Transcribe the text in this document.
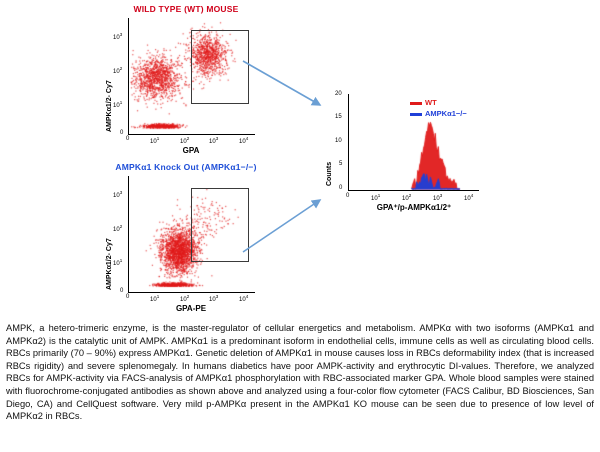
WILD TYPE (WT) MOUSE
AMPKα1/2- Cy7
0
$10^1$
$10^2$
$10^3$
0	$10^1$
$10^2$
$10^3$
$10^4$
GPA
AMPKα1 Knock Out (AMPKα1−/−)
AMPKα1/2- Cy7
0
$10^1$
$10^2$
$10^3$
0	$10^1$
$10^2$
$10^3$
$10^4$
GPA-PE
Counts
WT
AMPKα1−/−
20
15
10
5
0
0	$10^1$
$10^2$
$10^3$
$10^4$
GPA⁺/p-AMPKα1/2⁺
AMPK, a hetero-trimeric enzyme, is the master-regulator of cellular energetics and metabolism. AMPKα with two isoforms (AMPKα1 and AMPKα2) is the catalytic unit of AMPK. AMPKα1 is a predominant isoform in endothelial cells, immune cells as well as circulating blood cells. RBCs primarily (70 – 90%) express AMPKα1. Genetic deletion of AMPKα1 in mouse causes loss in RBCs deformability index (that is increased RBCs rigidity) and severe splenomegaly. In humans diabetics have poor AMPK-activity and erythrocytic DI-values. Therefore, we analyzed RBCs for AMPK-activity via FACS-analysis of AMPKα1 phosphorylation with RBC-associated marker GPA. Whole blood samples were stained with fluorochrome-conjugated antibodies as shown above and analyzed using a four-color flow cytometer (FACS Calibur, BD Biosciences, San Diego, CA) and CellQuest software. Very mild p-AMPKα present in the AMPKα1 KO mouse can be seen due to presence of low level of AMPKα2 in RBCs.
